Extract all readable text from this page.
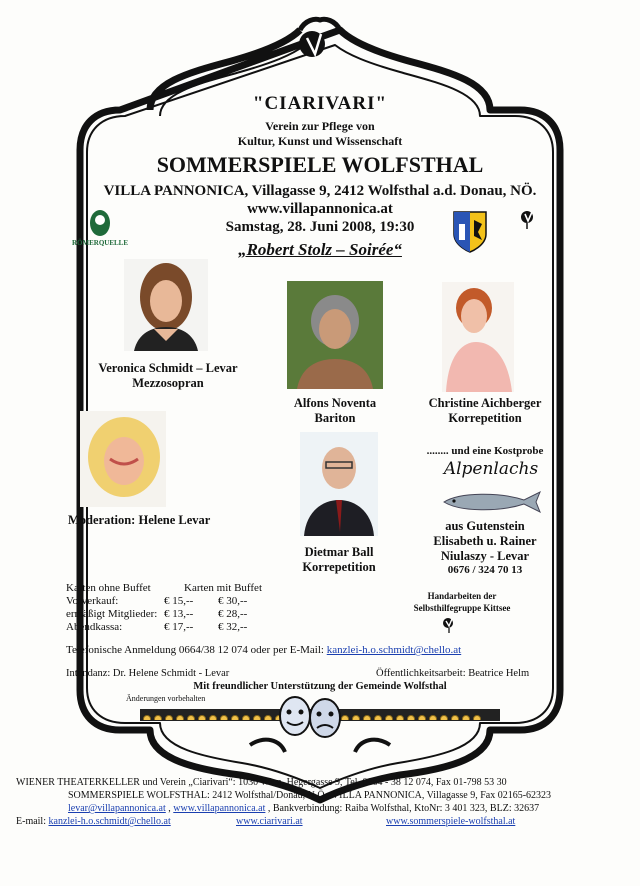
"CIARIVARI"
Verein zur Pflege von
Kultur, Kunst und Wissenschaft
SOMMERSPIELE WOLFSTHAL
VILLA PANNONICA, Villagasse 9, 2412 Wolfsthal a.d. Donau, NÖ.
www.villapannonica.at
Samstag, 28. Juni 2008, 19:30
„Robert Stolz – Soirée“
RÖMERQUELLE
Veronica Schmidt – Levar
Mezzosopran
Alfons Noventa
Bariton
Christine Aichberger
Korrepetition
Moderation: Helene Levar
Dietmar Ball
Korrepetition
........ und eine Kostprobe
Alpenlachs
aus Gutenstein
Elisabeth u. Rainer
Niulaszy - Levar
0676 / 324 70 13
Karten ohne Buffet	Karten mit Buffet
Vorverkauf:	€ 15,-- € 30,--
ermäßigt Mitglieder: € 13,-- € 28,--
Abendkassa:	€ 17,-- € 32,--
Handarbeiten der
Selbsthilfegruppe Kittsee
Telefonische Anmeldung 0664/38 12 074 oder per E-Mail: kanzlei-h.o.schmidt@chello.at
Intendanz: Dr. Helene Schmidt - Levar	Öffentlichkeitsarbeit: Beatrice Helm
Mit freundlicher Unterstützung der Gemeinde Wolfsthal
Änderungen vorbehalten
WIENER THEATERKELLER und Verein „Ciarivari“: 1030 Wien, Hegergasse 9, Tel. 0664 - 38 12 074, Fax 01-798 53 30
SOMMERSPIELE WOLFSTHAL: 2412 Wolfsthal/Donau, N.Ö., VILLA PANNONICA, Villagasse 9, Fax 02165-62323
levar@villapannonica.at , www.villapannonica.at , Bankverbindung: Raiba Wolfsthal, KtoNr: 3 401 323, BLZ: 32637
E-mail: kanzlei-h.o.schmidt@chello.at	www.ciarivari.at	www.sommerspiele-wolfsthal.at
